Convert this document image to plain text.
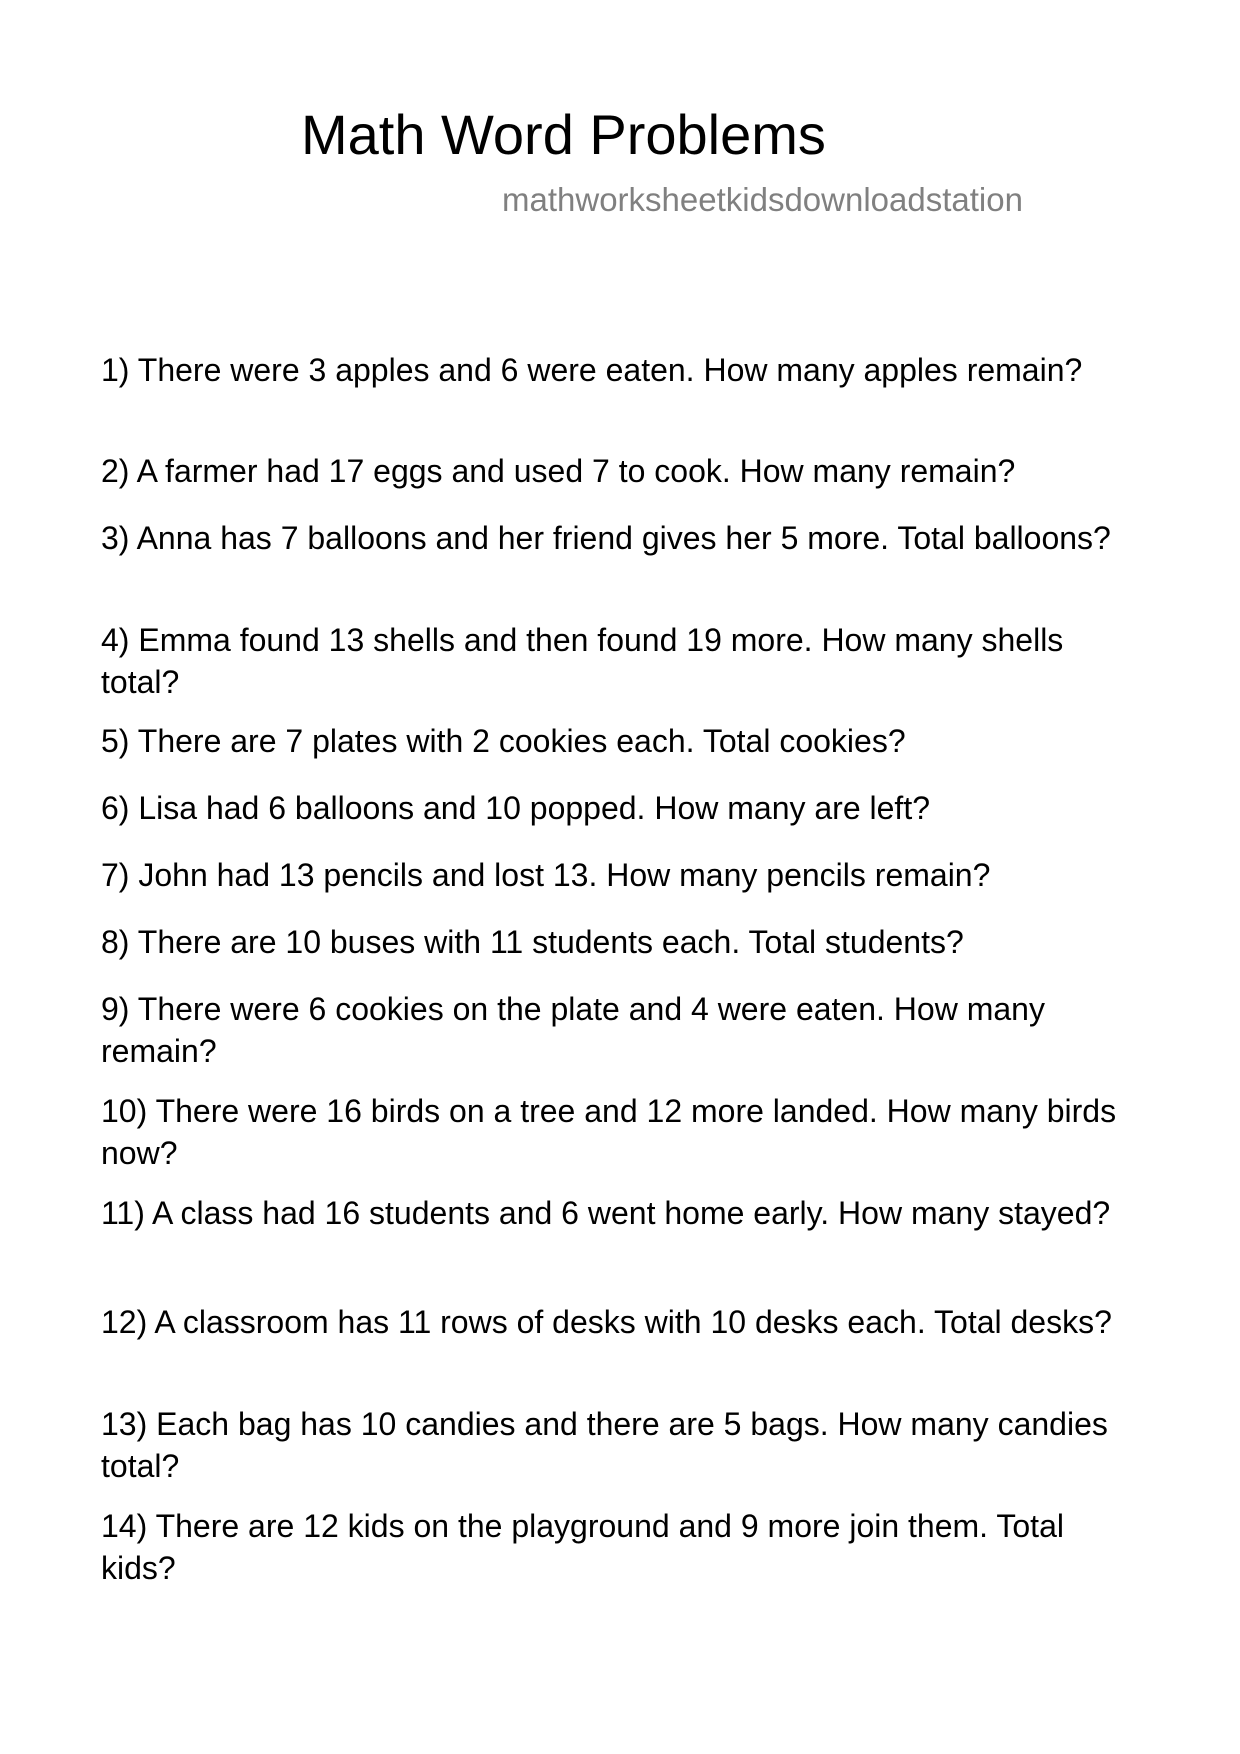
Math Word Problems
mathworksheetkidsdownloadstation
1) There were 3 apples and 6 were eaten. How many apples remain?
2) A farmer had 17 eggs and used 7 to cook. How many remain?
3) Anna has 7 balloons and her friend gives her 5 more. Total balloons?
4) Emma found 13 shells and then found 19 more. How many shells total?
5) There are 7 plates with 2 cookies each. Total cookies?
6) Lisa had 6 balloons and 10 popped. How many are left?
7) John had 13 pencils and lost 13. How many pencils remain?
8) There are 10 buses with 11 students each. Total students?
9) There were 6 cookies on the plate and 4 were eaten. How many remain?
10) There were 16 birds on a tree and 12 more landed. How many birds now?
11) A class had 16 students and 6 went home early. How many stayed?
12) A classroom has 11 rows of desks with 10 desks each. Total desks?
13) Each bag has 10 candies and there are 5 bags. How many candies total?
14) There are 12 kids on the playground and 9 more join them. Total kids?
